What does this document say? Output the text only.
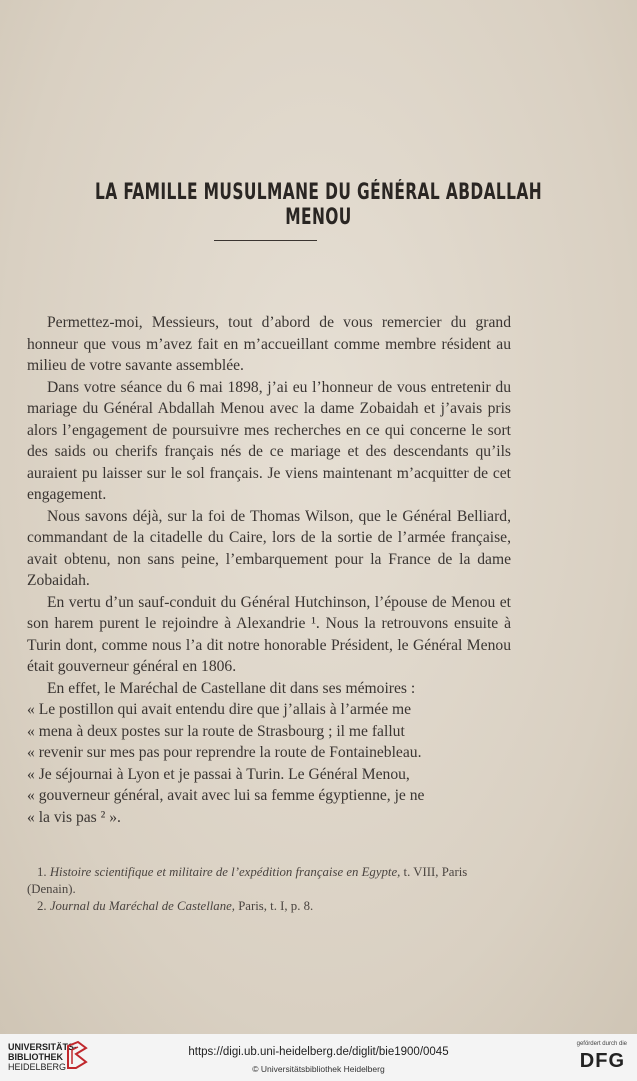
LA FAMILLE MUSULMANE DU GÉNÉRAL ABDALLAH MENOU

Permettez-moi, Messieurs, tout d’abord de vous remercier du grand honneur que vous m’avez fait en m’accueillant comme membre résident au milieu de votre savante assemblée.

Dans votre séance du 6 mai 1898, j’ai eu l’honneur de vous entretenir du mariage du Général Abdallah Menou avec la dame Zobaidah et j’avais pris alors l’engagement de poursuivre mes recherches en ce qui concerne le sort des saids ou cherifs français nés de ce mariage et des descendants qu’ils auraient pu laisser sur le sol français. Je viens maintenant m’acquitter de cet engagement.

Nous savons déjà, sur la foi de Thomas Wilson, que le Général Belliard, commandant de la citadelle du Caire, lors de la sortie de l’armée française, avait obtenu, non sans peine, l’embarquement pour la France de la dame Zobaidah.

En vertu d’un sauf-conduit du Général Hutchinson, l’épouse de Menou et son harem purent le rejoindre à Alexandrie ¹. Nous la retrouvons ensuite à Turin dont, comme nous l’a dit notre honorable Président, le Général Menou était gouverneur général en 1806.

En effet, le Maréchal de Castellane dit dans ses mémoires :

« Le postillon qui avait entendu dire que j’allais à l’armée me

« mena à deux postes sur la route de Strasbourg ; il me fallut

« revenir sur mes pas pour reprendre la route de Fontainebleau.

« Je séjournai à Lyon et je passai à Turin. Le Général Menou,

« gouverneur général, avait avec lui sa femme égyptienne, je ne

« la vis pas ² ».

1. Histoire scientifique et militaire de l’expédition française en Egypte, t. VIII, Paris (Denain).

2. Journal du Maréchal de Castellane, Paris, t. I, p. 8.

UNIVERSITÄTS-
BIBLIOTHEK
HEIDELBERG
https://digi.ub.uni-heidelberg.de/diglit/bie1900/0045
© Universitätsbibliothek Heidelberg
gefördert durch die
DFG
